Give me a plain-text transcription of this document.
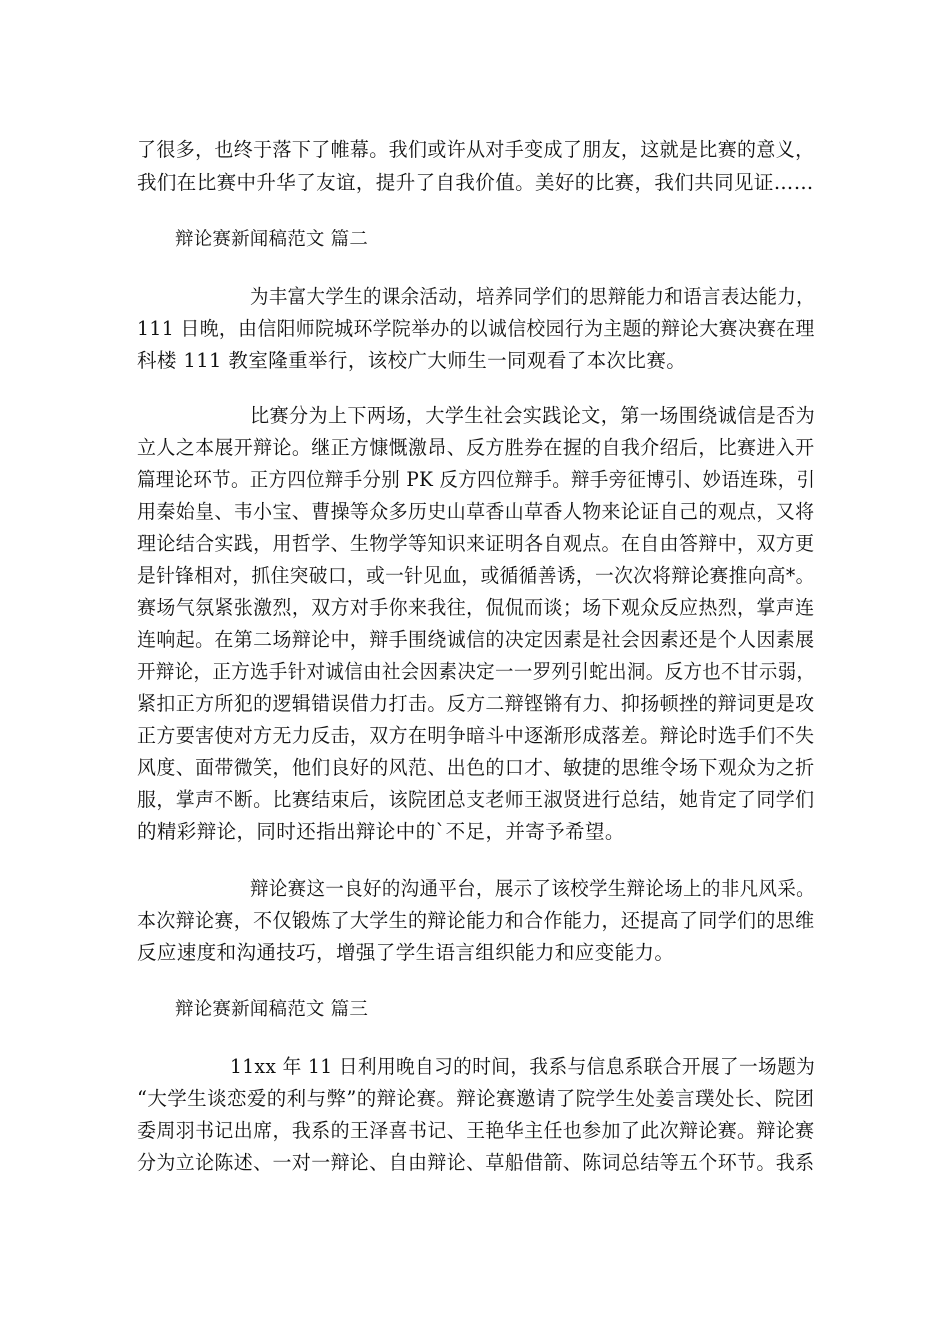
了很多，也终于落下了帷幕。我们或许从对手变成了朋友，这就是比赛的意义，
我们在比赛中升华了友谊，提升了自我价值。美好的比赛，我们共同见证……
辩论赛新闻稿范文 篇二
为丰富大学生的课余活动，培养同学们的思辩能力和语言表达能力，
111 日晚，由信阳师院城环学院举办的以诚信校园行为主题的辩论大赛决赛在理
科楼 111 教室隆重举行，该校广大师生一同观看了本次比赛。
比赛分为上下两场，大学生社会实践论文，第一场围绕诚信是否为
立人之本展开辩论。继正方慷慨激昂、反方胜券在握的自我介绍后，比赛进入开
篇理论环节。正方四位辩手分别 PK 反方四位辩手。辩手旁征博引、妙语连珠，引
用秦始皇、韦小宝、曹操等众多历史山草香山草香人物来论证自己的观点，又将
理论结合实践，用哲学、生物学等知识来证明各自观点。在自由答辩中，双方更
是针锋相对，抓住突破口，或一针见血，或循循善诱，一次次将辩论赛推向高*。
赛场气氛紧张激烈，双方对手你来我往，侃侃而谈；场下观众反应热烈，掌声连
连响起。在第二场辩论中，辩手围绕诚信的决定因素是社会因素还是个人因素展
开辩论，正方选手针对诚信由社会因素决定一一罗列引蛇出洞。反方也不甘示弱，
紧扣正方所犯的逻辑错误借力打击。反方二辩铿锵有力、抑扬顿挫的辩词更是攻
正方要害使对方无力反击，双方在明争暗斗中逐渐形成落差。辩论时选手们不失
风度、面带微笑，他们良好的风范、出色的口才、敏捷的思维令场下观众为之折
服，掌声不断。比赛结束后，该院团总支老师王淑贤进行总结，她肯定了同学们
的精彩辩论，同时还指出辩论中的`不足，并寄予希望。
辩论赛这一良好的沟通平台，展示了该校学生辩论场上的非凡风采。
本次辩论赛，不仅锻炼了大学生的辩论能力和合作能力，还提高了同学们的思维
反应速度和沟通技巧，增强了学生语言组织能力和应变能力。
辩论赛新闻稿范文 篇三
11xx 年 11 日利用晚自习的时间，我系与信息系联合开展了一场题为
“大学生谈恋爱的利与弊”的辩论赛。辩论赛邀请了院学生处姜言璞处长、院团
委周羽书记出席，我系的王泽喜书记、王艳华主任也参加了此次辩论赛。辩论赛
分为立论陈述、一对一辩论、自由辩论、草船借箭、陈词总结等五个环节。我系
